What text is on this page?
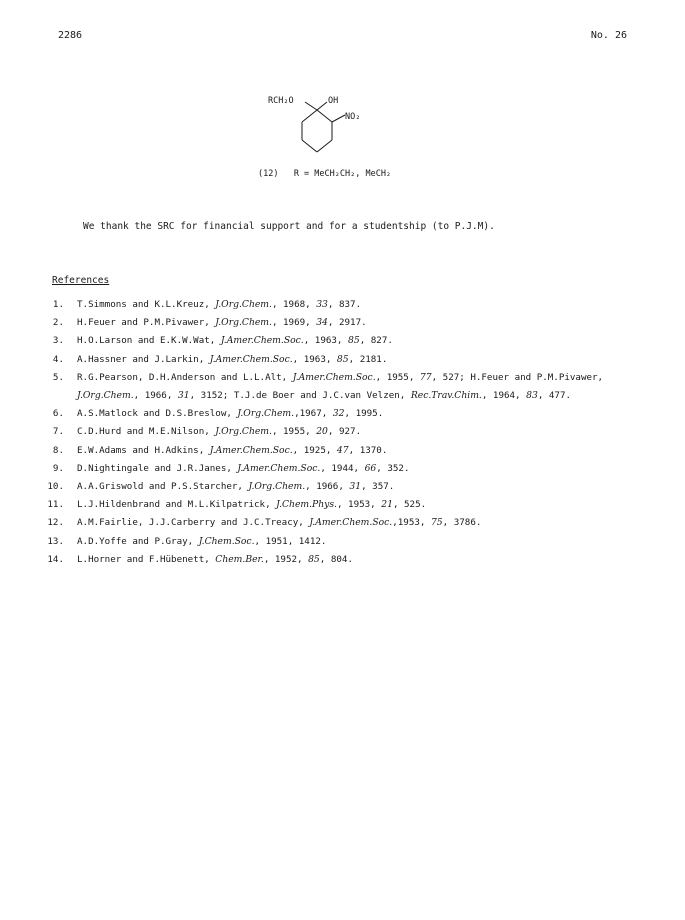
2286	No. 26
RCH₂O	OH
NO₂
(12)   R = MeCH₂CH₂, MeCH₂
We thank the SRC for financial support and for a studentship (to P.J.M).
References
1. T.Simmons and K.L.Kreuz, J.Org.Chem., 1968, 33, 837.
2. H.Feuer and P.M.Pivawer, J.Org.Chem., 1969, 34, 2917.
3. H.O.Larson and E.K.W.Wat, J.Amer.Chem.Soc., 1963, 85, 827.
4. A.Hassner and J.Larkin, J.Amer.Chem.Soc., 1963, 85, 2181.
5. R.G.Pearson, D.H.Anderson and L.L.Alt, J.Amer.Chem.Soc., 1955, 77, 527; H.Feuer and P.M.Pivawer, J.Org.Chem., 1966, 31, 3152; T.J.de Boer and J.C.van Velzen, Rec.Trav.Chim., 1964, 83, 477.
6. A.S.Matlock and D.S.Breslow, J.Org.Chem.,1967, 32, 1995.
7. C.D.Hurd and M.E.Nilson, J.Org.Chem., 1955, 20, 927.
8. E.W.Adams and H.Adkins, J.Amer.Chem.Soc., 1925, 47, 1370.
9. D.Nightingale and J.R.Janes, J.Amer.Chem.Soc., 1944, 66, 352.
10. A.A.Griswold and P.S.Starcher, J.Org.Chem., 1966, 31, 357.
11. L.J.Hildenbrand and M.L.Kilpatrick, J.Chem.Phys., 1953, 21, 525.
12. A.M.Fairlie, J.J.Carberry and J.C.Treacy, J.Amer.Chem.Soc.,1953, 75, 3786.
13. A.D.Yoffe and P.Gray, J.Chem.Soc., 1951, 1412.
14. L.Horner and F.Hübenett, Chem.Ber., 1952, 85, 804.
